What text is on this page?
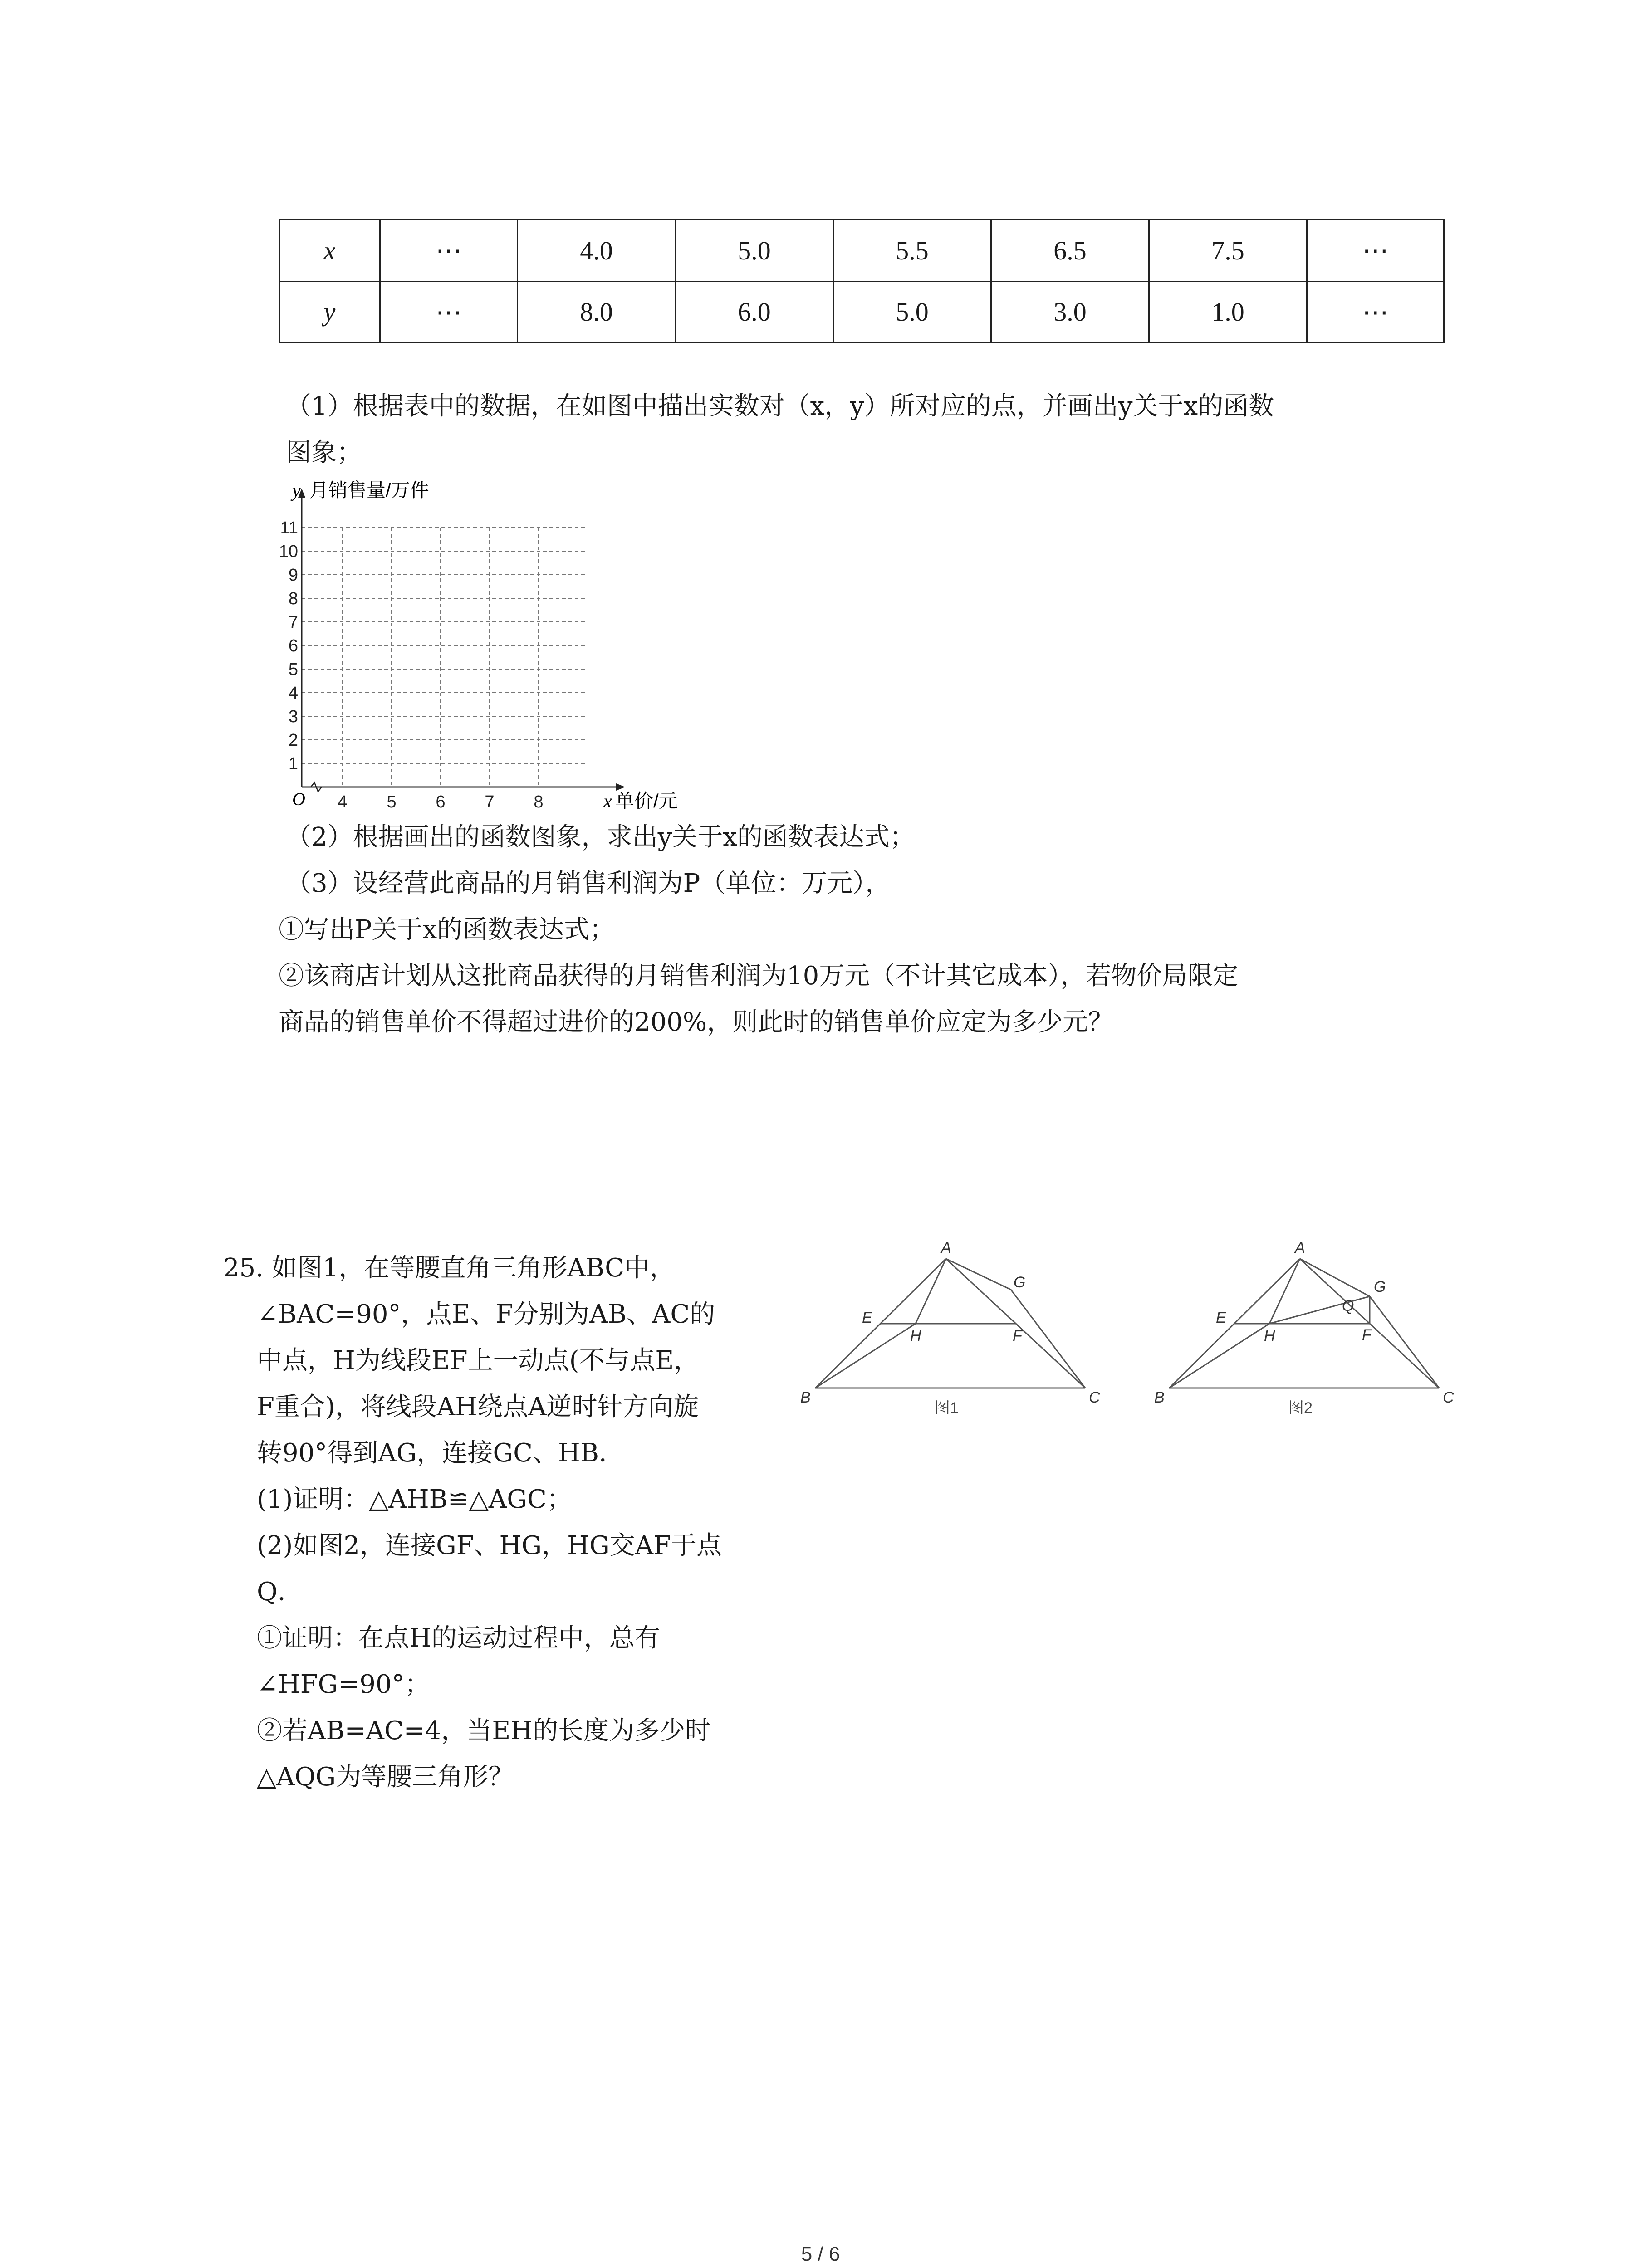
x	⋯	4.0	5.0	5.5	6.5	7.5	⋯
y	⋯	8.0	6.0	5.0	3.0	1.0	⋯
（1）根据表中的数据，在如图中描出实数对（x，y）所对应的点，并画出y关于x的函数
图象；
1
2
3
4
5
6
7
8
9
10
11
4 5 6 7 8
y 月销售量/万件
x 单价/元
O
（2）根据画出的函数图象，求出y关于x的函数表达式；
（3）设经营此商品的月销售利润为P（单位：万元），
①写出P关于x的函数表达式；
②该商店计划从这批商品获得的月销售利润为10万元（不计其它成本），若物价局限定
商品的销售单价不得超过进价的200%，则此时的销售单价应定为多少元？
25. 如图1，在等腰直角三角形ABC中，
∠BAC=90°，点E、F分别为AB、AC的
中点，H为线段EF上一动点(不与点E，
F重合)，将线段AH绕点A逆时针方向旋
转90°得到AG，连接GC、HB．
(1)证明：△AHB≌△AGC；
(2)如图2，连接GF、HG，HG交AF于点
Q．
①证明：在点H的运动过程中，总有
∠HFG=90°；
②若AB=AC=4，当EH的长度为多少时
△AQG为等腰三角形？
A
B	C
E
F
G
H
图1
A
B	C
E
F
G
H
Q
图2
5 / 6
